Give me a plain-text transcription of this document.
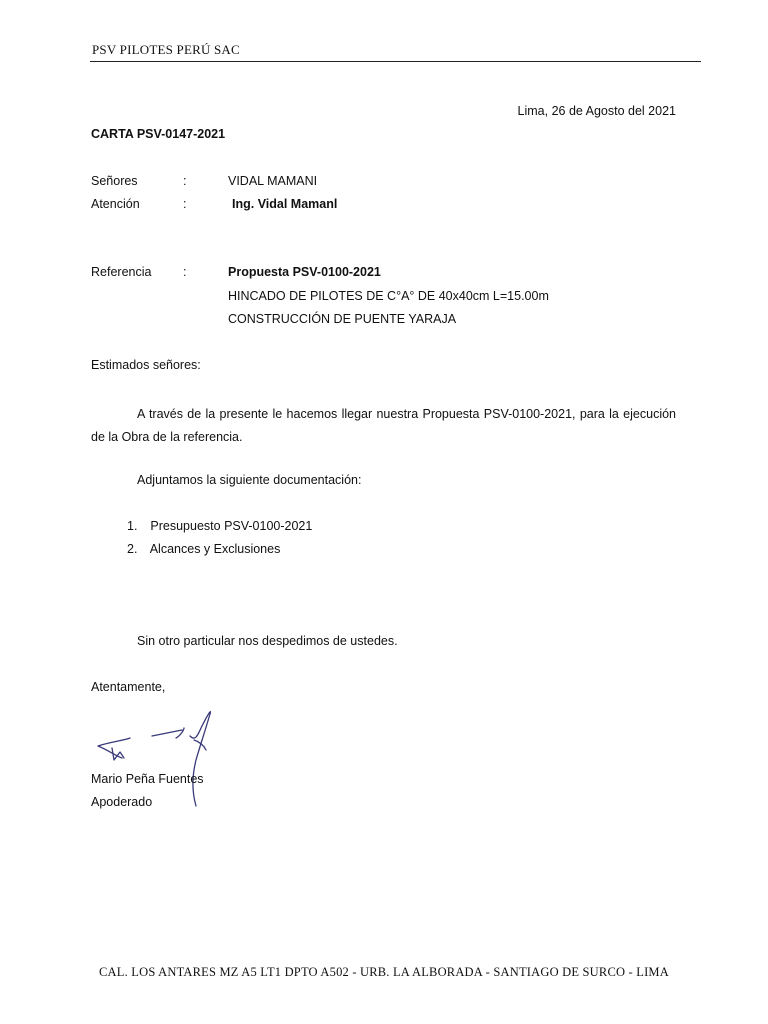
PSV PILOTES PERÚ SAC
Lima, 26 de Agosto del 2021
CARTA PSV-0147-2021
Señores	:	VIDAL MAMANI
Atención	:	Ing. Vidal Mamanl
Referencia	:	Propuesta PSV-0100-2021
HINCADO DE PILOTES DE C°A° DE 40x40cm L=15.00m
CONSTRUCCIÓN DE PUENTE YARAJA
Estimados señores:
A través de la presente le hacemos llegar nuestra Propuesta PSV-0100-2021, para la ejecución de la Obra de la referencia.
Adjuntamos la siguiente documentación:
1. Presupuesto PSV-0100-2021
2. Alcances y Exclusiones
Sin otro particular nos despedimos de ustedes.
Atentamente,
Mario Peña Fuentes
Apoderado
CAL. LOS ANTARES MZ A5 LT1 DPTO A502 - URB. LA ALBORADA - SANTIAGO DE SURCO - LIMA
